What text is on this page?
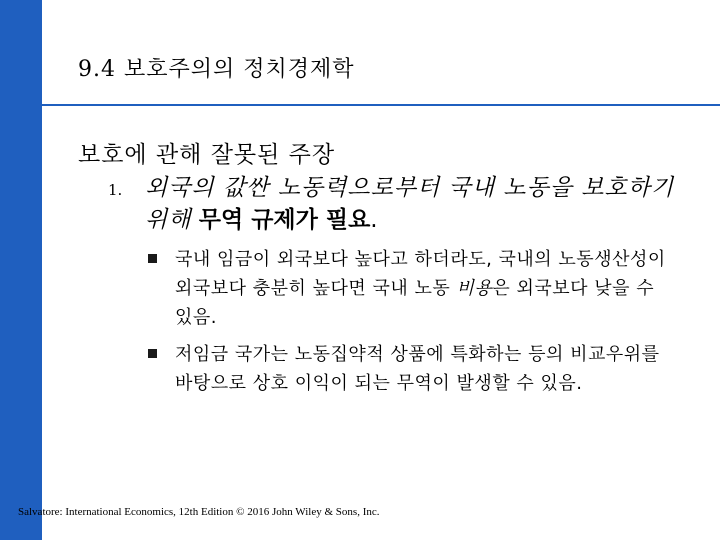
9.4 보호주의의 정치경제학
보호에 관해 잘못된 주장
1. 외국의 값싼 노동력으로부터 국내 노동을 보호하기 위해 무역 규제가 필요.
국내 임금이 외국보다 높다고 하더라도, 국내의 노동생산성이 외국보다 충분히 높다면 국내 노동 비용은 외국보다 낮을 수 있음.
저임금 국가는 노동집약적 상품에 특화하는 등의 비교우위를 바탕으로 상호 이익이 되는 무역이 발생할 수 있음.
Salvatore: International Economics, 12th Edition © 2016 John Wiley & Sons, Inc.
